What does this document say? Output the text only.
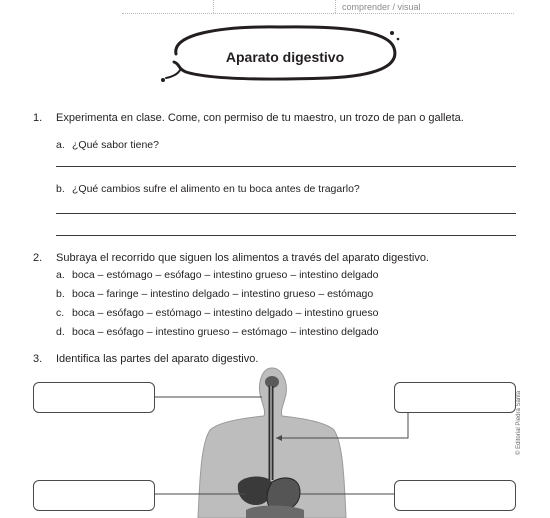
comprender / visual
Aparato digestivo
1. Experimenta en clase. Come, con permiso de tu maestro, un trozo de pan o galleta.
a. ¿Qué sabor tiene?
b. ¿Qué cambios sufre el alimento en tu boca antes de tragarlo?
2. Subraya el recorrido que siguen los alimentos a través del aparato digestivo.
a. boca – estómago – esófago – intestino grueso – intestino delgado
b. boca – faringe – intestino delgado – intestino grueso – estómago
c. boca – esófago – estómago – intestino delgado – intestino grueso
d. boca – esófago – intestino grueso – estómago – intestino delgado
3. Identifica las partes del aparato digestivo.
© Editorial Piedra Santa
